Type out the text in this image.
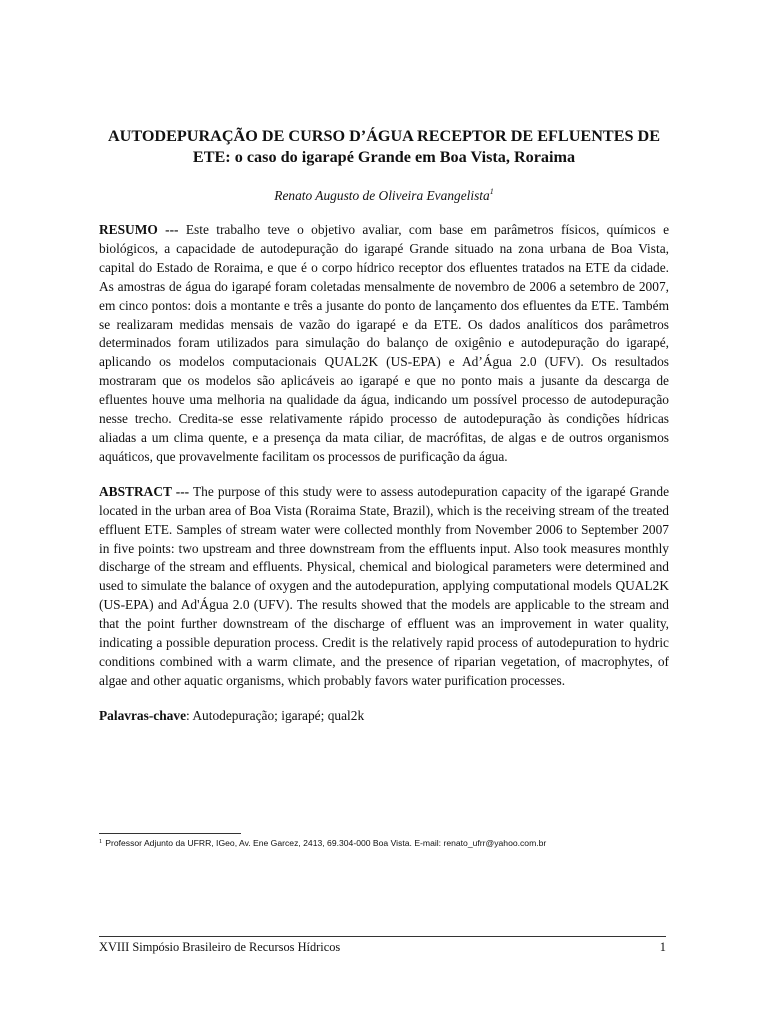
AUTODEPURAÇÃO DE CURSO D’ÁGUA RECEPTOR DE EFLUENTES DE
ETE: o caso do igarapé Grande em Boa Vista, Roraima
Renato Augusto de Oliveira Evangelista$^1$

RESUMO --- Este trabalho teve o objetivo avaliar, com base em parâmetros físicos, químicos e biológicos, a capacidade de autodepuração do igarapé Grande situado na zona urbana de Boa Vista, capital do Estado de Roraima, e que é o corpo hídrico receptor dos efluentes tratados na ETE da cidade. As amostras de água do igarapé foram coletadas mensalmente de novembro de 2006 a setembro de 2007, em cinco pontos: dois a montante e três a jusante do ponto de lançamento dos efluentes da ETE. Também se realizaram medidas mensais de vazão do igarapé e da ETE. Os dados analíticos dos parâmetros determinados foram utilizados para simulação do balanço de oxigênio e autodepuração do igarapé, aplicando os modelos computacionais QUAL2K (US-EPA) e Ad’Água 2.0 (UFV). Os resultados mostraram que os modelos são aplicáveis ao igarapé e que no ponto mais a jusante da descarga de efluentes houve uma melhoria na qualidade da água, indicando um possível processo de autodepuração nesse trecho. Credita-se esse relativamente rápido processo de autodepuração às condições hídricas aliadas a um clima quente, e a presença da mata ciliar, de macrófitas, de algas e de outros organismos aquáticos, que provavelmente facilitam os processos de purificação da água.

ABSTRACT --- The purpose of this study were to assess autodepuration capacity of the igarapé Grande located in the urban area of Boa Vista (Roraima State, Brazil), which is the receiving stream of the treated effluent ETE. Samples of stream water were collected monthly from November 2006 to September 2007 in five points: two upstream and three downstream from the effluents input. Also took measures monthly discharge of the stream and effluents. Physical, chemical and biological parameters were determined and used to simulate the balance of oxygen and the autodepuration, applying computational models QUAL2K (US-EPA) and Ad'Água 2.0 (UFV). The results showed that the models are applicable to the stream and that the point further downstream of the discharge of effluent was an improvement in water quality, indicating a possible depuration process. Credit is the relatively rapid process of autodepuration to hydric conditions combined with a warm climate, and the presence of riparian vegetation, of macrophytes, of algae and other aquatic organisms, which probably favors water purification processes.

Palavras-chave: Autodepuração; igarapé; qual2k
$^1$ Professor Adjunto da UFRR, IGeo, Av. Ene Garcez, 2413, 69.304-000 Boa Vista. E-mail: renato_ufrr@yahoo.com.br
XVIII Simpósio Brasileiro de Recursos Hídricos	1
